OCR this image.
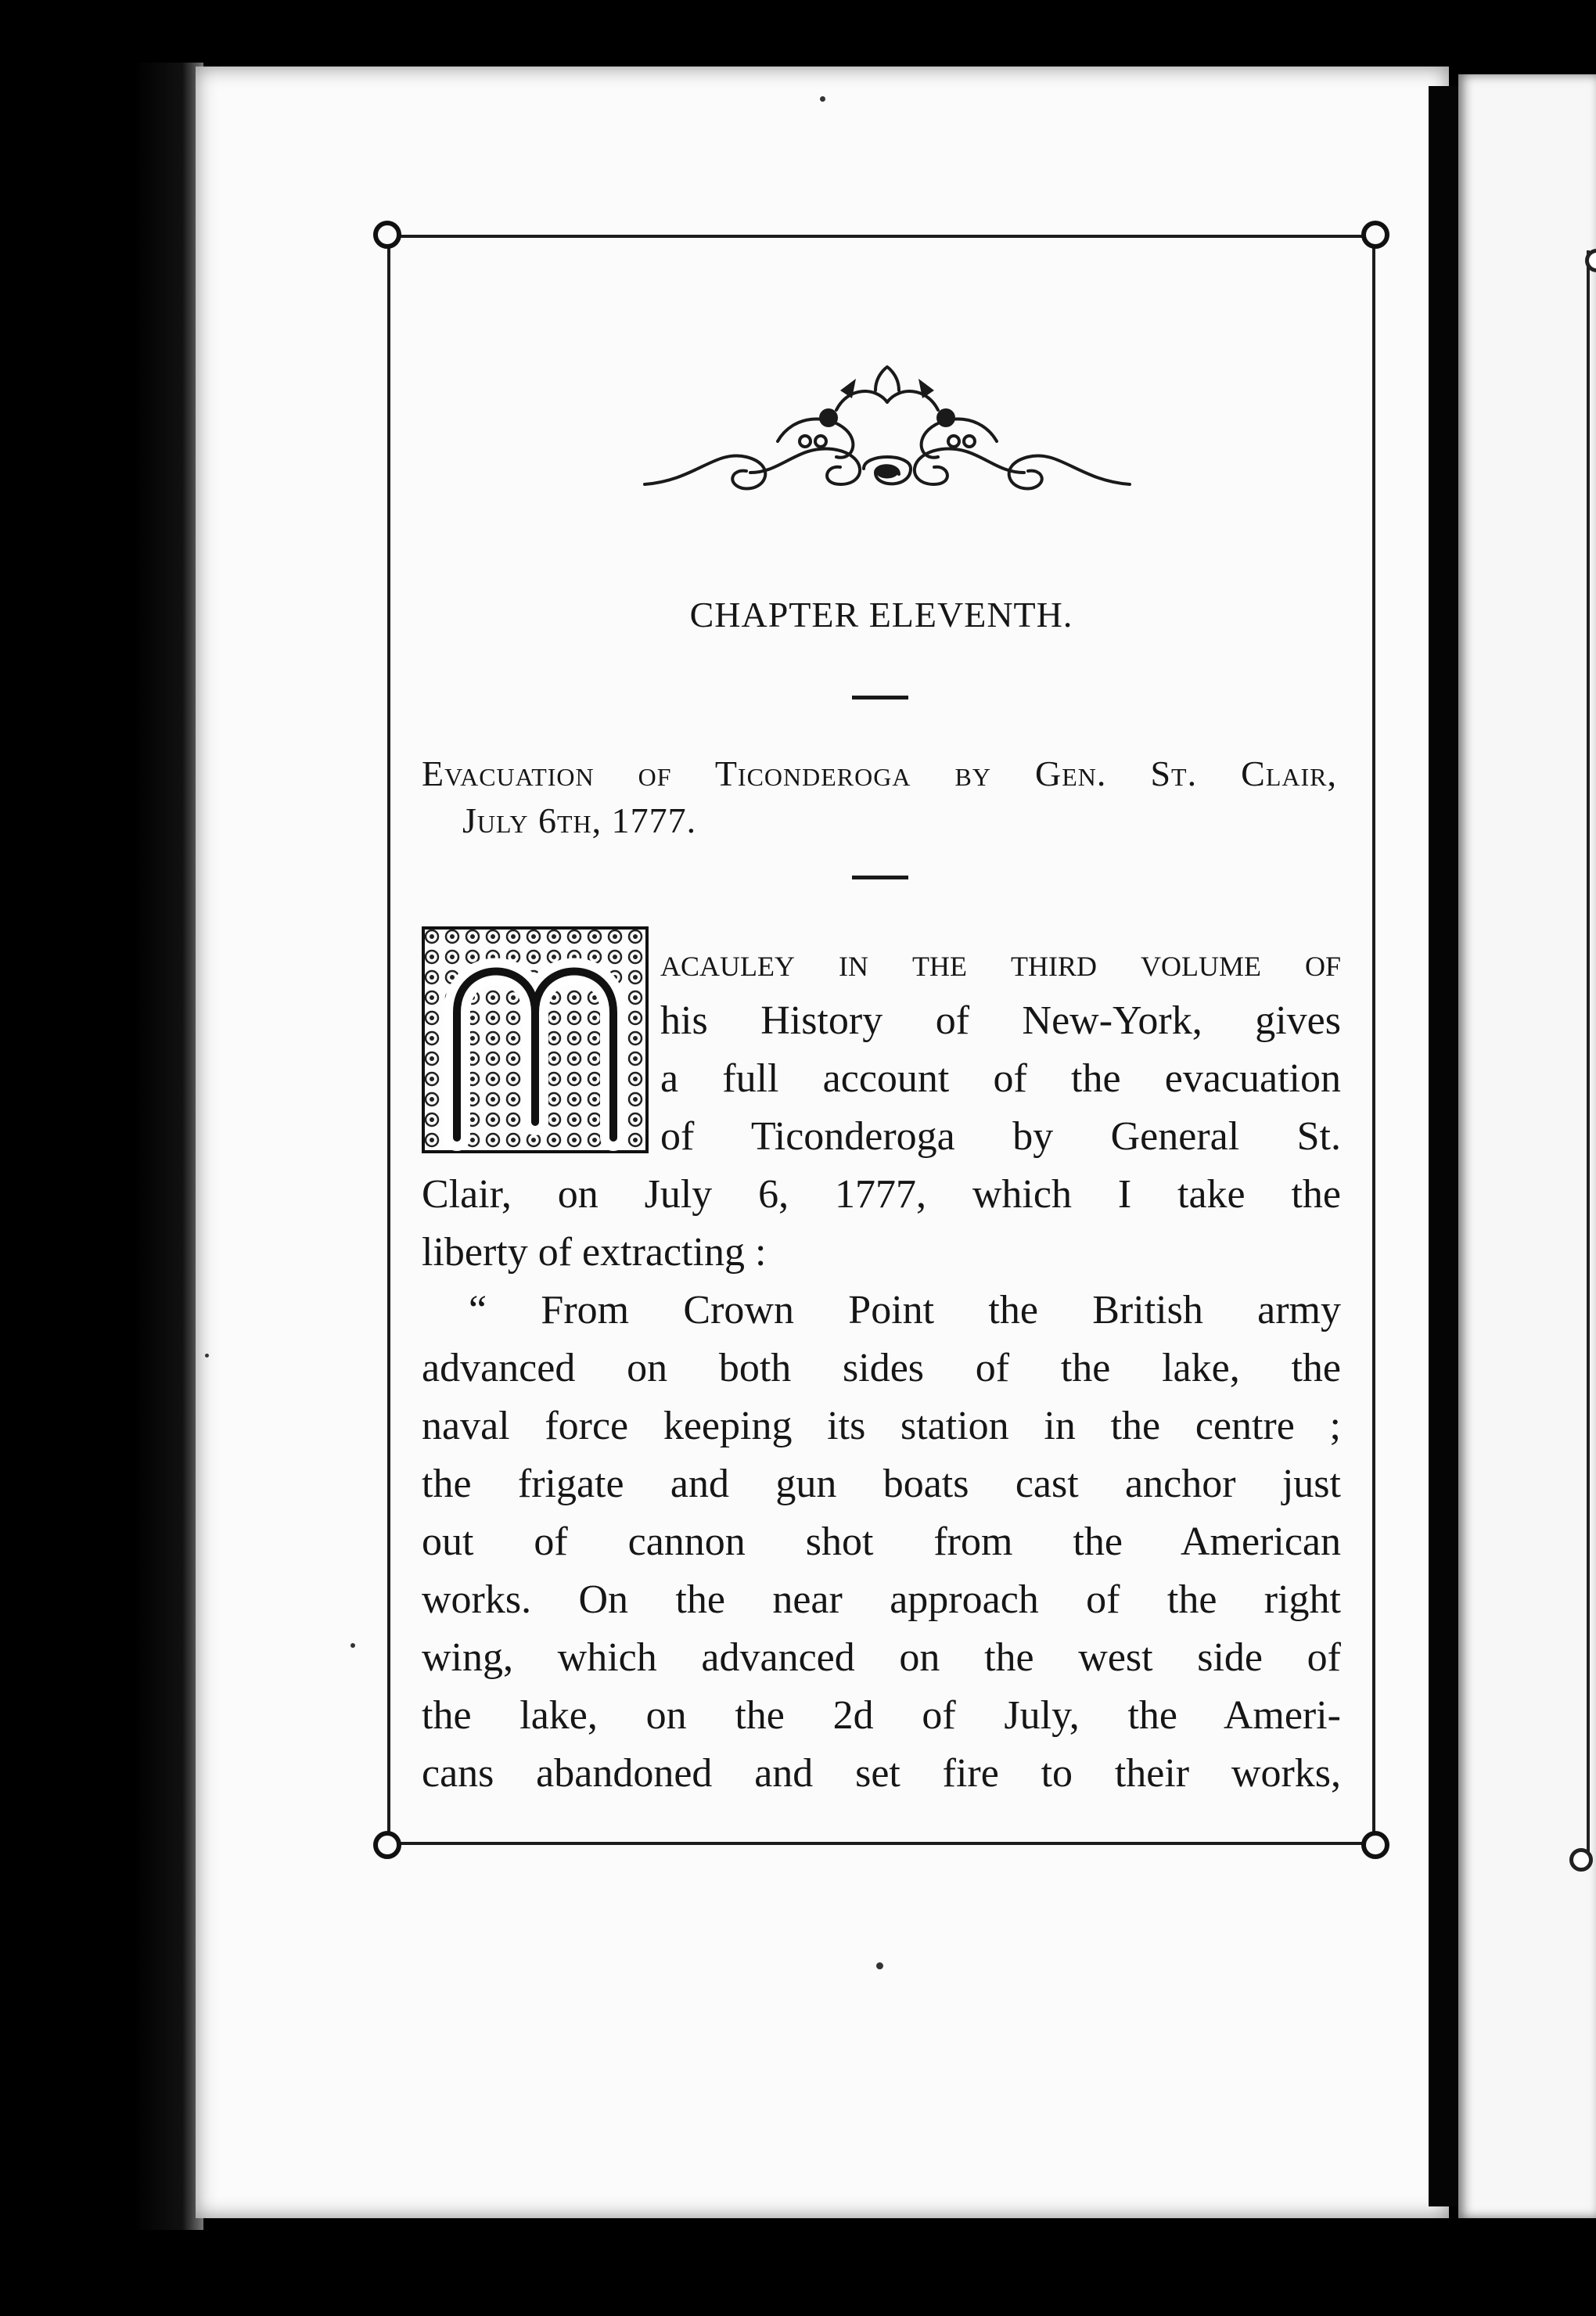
CHAPTER ELEVENTH.
Evacuation of Ticonderoga by Gen. St. Clair,
July 6th, 1777.
acauley in the third volume of
his History of New-York, gives
a full account of the evacuation
of Ticonderoga by General St.
Clair, on July 6, 1777, which I take the
liberty of extracting :
“ From Crown Point the British army
advanced on both sides of the lake, the
naval force keeping its station in the centre ;
the frigate and gun boats cast anchor just
out of cannon shot from the American
works. On the near approach of the right
wing, which advanced on the west side of
the lake, on the 2d of July, the Ameri-
cans abandoned and set fire to their works,
